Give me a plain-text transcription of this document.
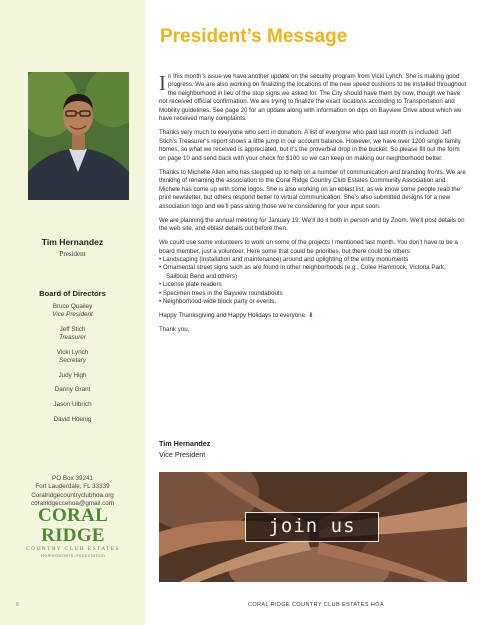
Tim Hernandez
President
Board of Directors
Bruce Quailey
Vice President
Jeff Stich
Treasurer
Vicki Lynch
Secretary
Judy High
Danny Grant
Jason Ulbrich
David Hoenig
PO Box 39241
Fort Lauderdale, FL 33339
Coralridgecountryclubhoa.org
coralridgeccehoa@gmail.com
CORAL RIDGE
COUNTRY CLUB ESTATES
Homeowners Association
6
President’s Message

In this month’s issue we have another update on the security program from Vicki Lynch. She is making good progress. We are also working on finalizing the locations of the new speed cushions to be installed throughout the neighborhood in lieu of the stop signs we asked for. The City should have them by now, though we have not received official confirmation. We are trying to finalize the exact locations according to Transportation and Mobility guidelines. See page 20 for an update along with information on dips on Bayview Drive about which we have received many complaints.

Thanks very much to everyone who sent in donation. A list of everyone who paid last month is included. Jeff Stich’s Treasurer’s report shows a little jump in our account balance. However, we have over 1200 single family homes, so what we received is appreciated, but it’s the proverbial drop in the bucket. So please fill out the form on page 10 and send back with your check for $100 so we can keep on making our neighborhood better.

Thanks to Michelle Allen who has stepped up to help on a number of communication and branding fronts. We are thinking of renaming the association to the Coral Ridge Country Club Estates Community Association and Michele has come up with some logos. She is also working on an eblast list, as we know some people read the print newsletter, but others respond better to virtual communication. She’s also submitted designs for a new association logo and we’ll pass along those we’re considering for your input soon.

We are planning the annual meeting for January 19. We’ll do it both in person and by Zoom. We’ll post details on the web site, and eblast details out before then.

We could use some volunteers to work on some of the projects I mentioned last month. You don’t have to be a board member, just a volunteer. Here some that could be priorities, but there could be others:

• Landscaping (installation and maintenance) around and uplighting of the entry monuments
• Ornamental street signs such as are found in other neighborhoods (e.g., Colee Hammock, Victoria Park, Sailboat Bend and others)
• License plate readers
• Specimen trees in the Bayview roundabouts
• Neighborhood-wide block party or events.

Happy Thanksgiving and Happy Holidays to everyone. ⬇

Thank you,

Tim Hernandez
Vice President
join us
CORAL RIDGE COUNTRY CLUB ESTATES HOA
